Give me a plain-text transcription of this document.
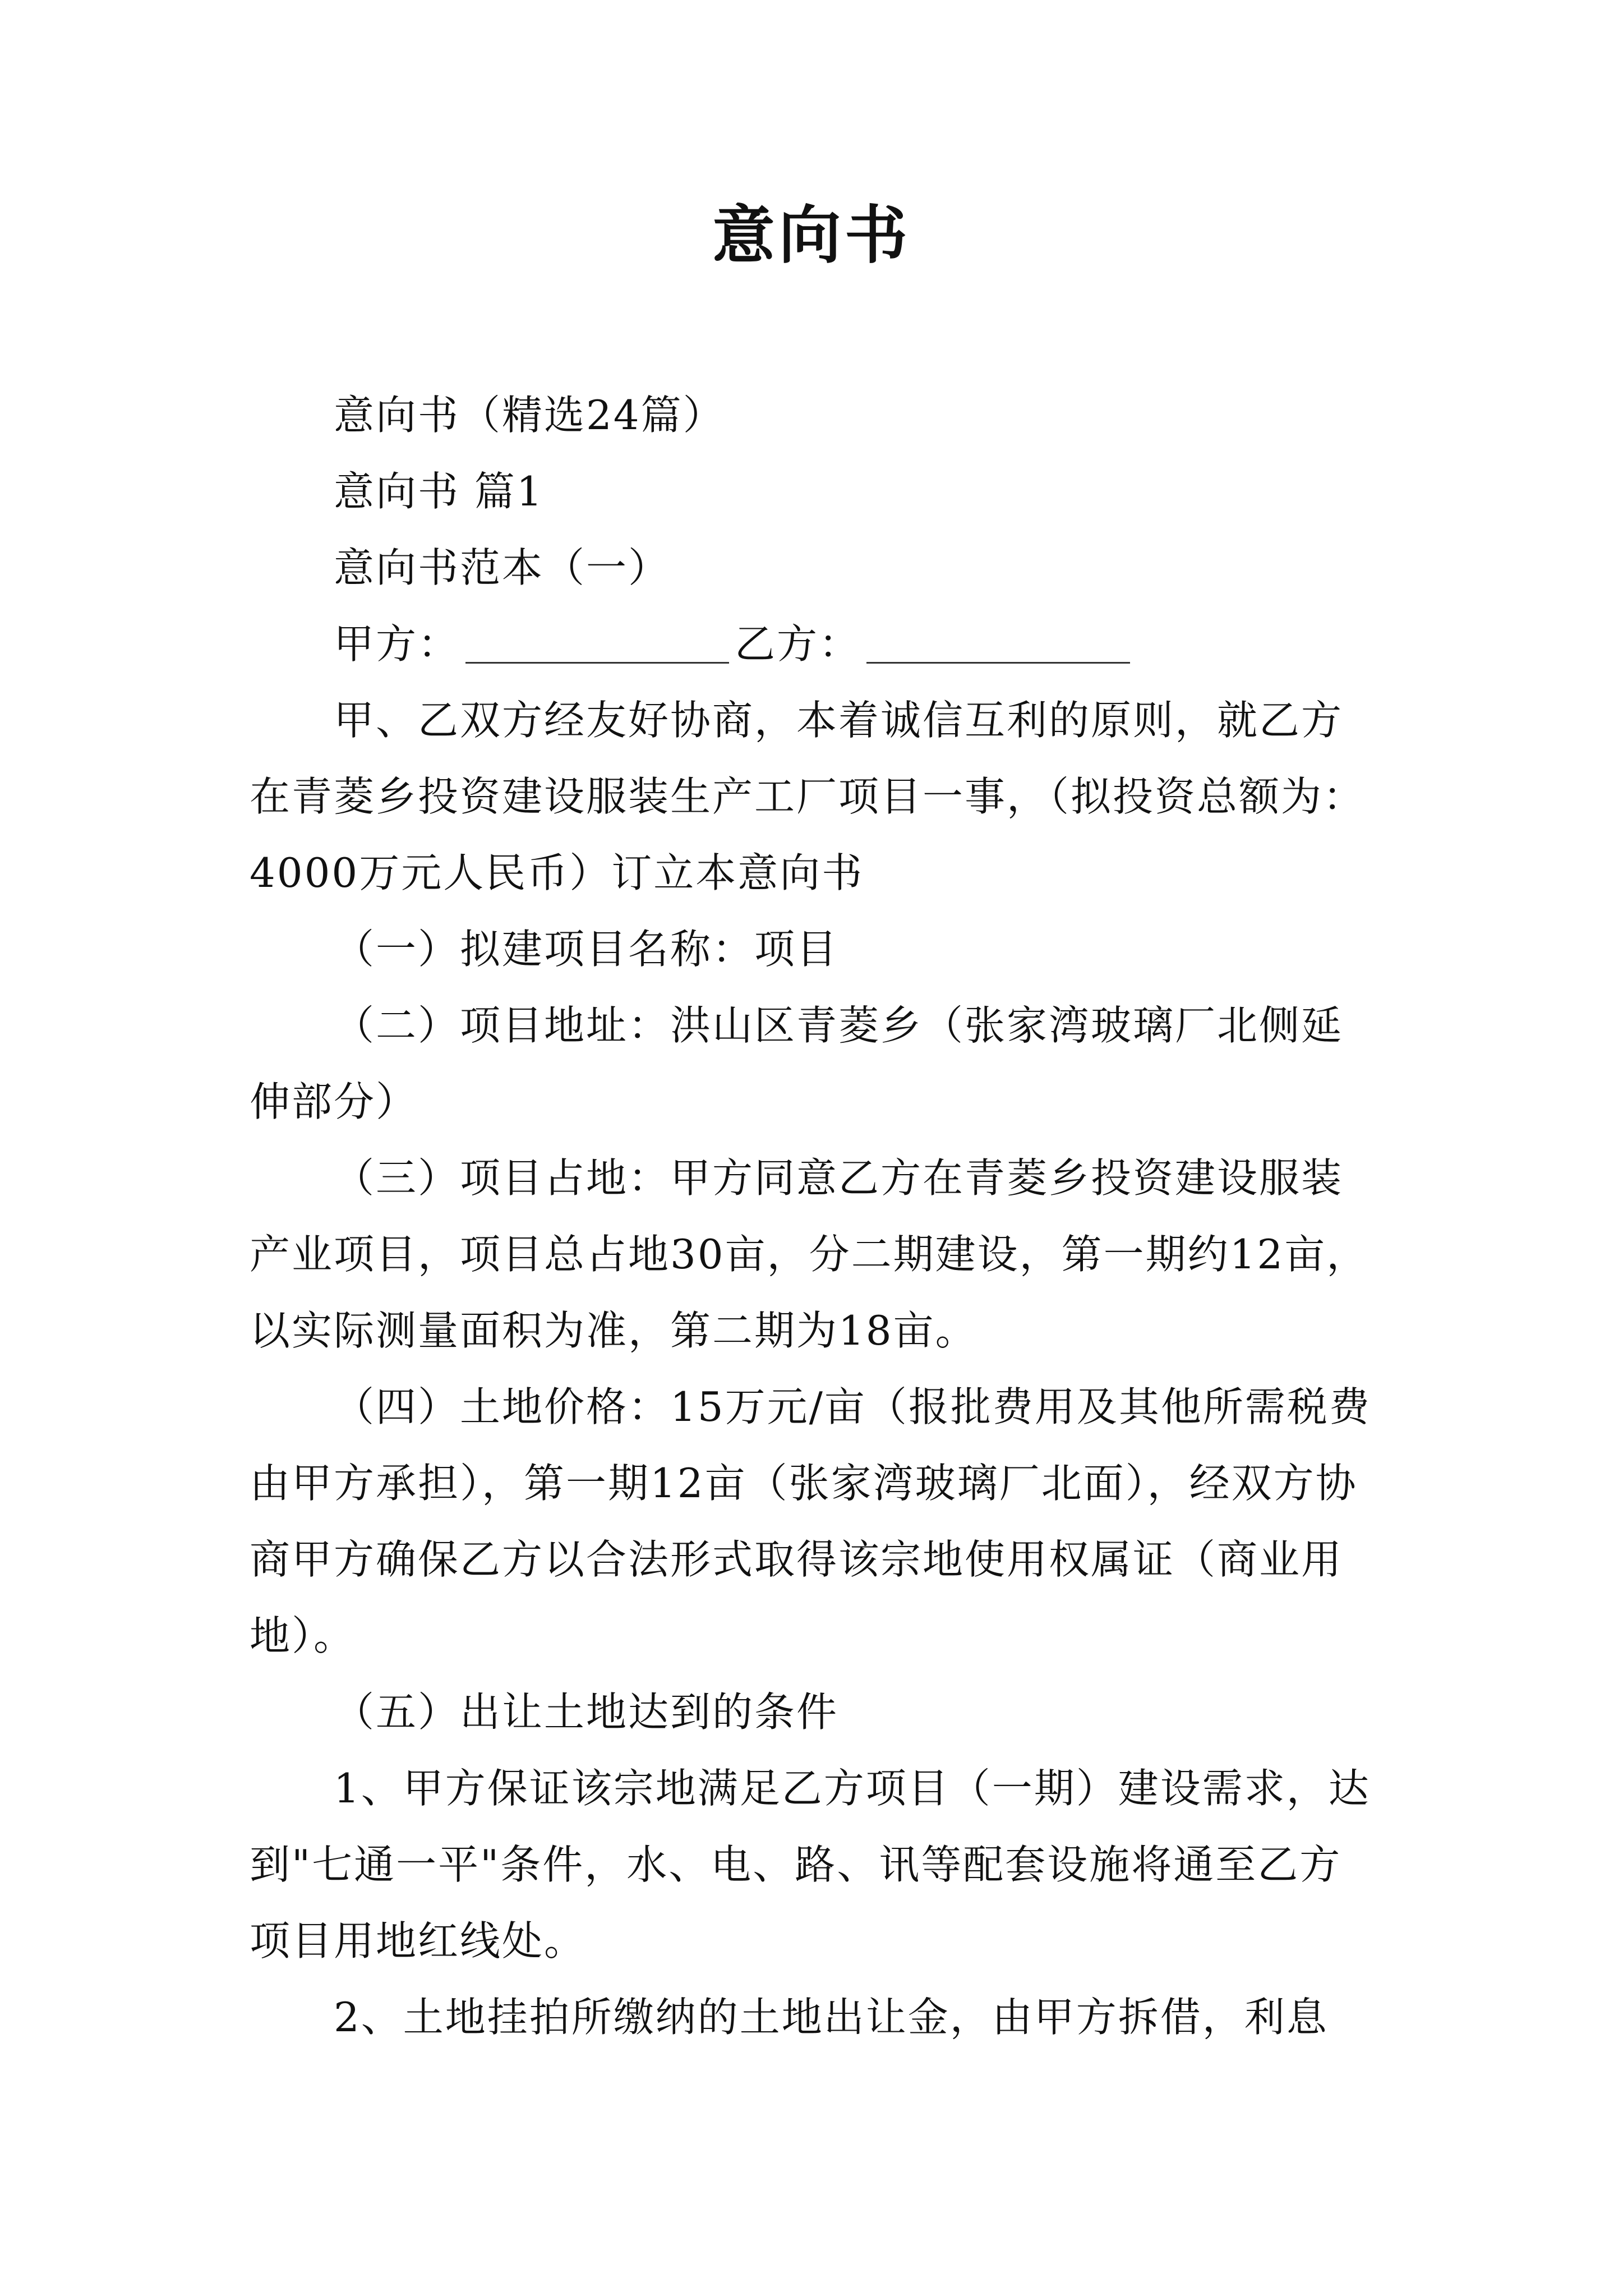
意向书

意向书（精选24篇）

意向书 篇1

意向书范本（一）

甲方：	乙方：

甲、乙双方经友好协商，本着诚信互利的原则，就乙方在青菱乡投资建设服装生产工厂项目一事，（拟投资总额为：4000万元人民币）订立本意向书

（一）拟建项目名称：项目

（二）项目地址：洪山区青菱乡（张家湾玻璃厂北侧延伸部分）

（三）项目占地：甲方同意乙方在青菱乡投资建设服装产业项目，项目总占地30亩，分二期建设，第一期约12亩，以实际测量面积为准，第二期为18亩。

（四）土地价格：15万元/亩（报批费用及其他所需税费由甲方承担），第一期12亩（张家湾玻璃厂北面），经双方协商甲方确保乙方以合法形式取得该宗地使用权属证（商业用地）。

（五）出让土地达到的条件

1、甲方保证该宗地满足乙方项目（一期）建设需求，达到"七通一平"条件，水、电、路、讯等配套设施将通至乙方项目用地红线处。

2、土地挂拍所缴纳的土地出让金，由甲方拆借，利息
